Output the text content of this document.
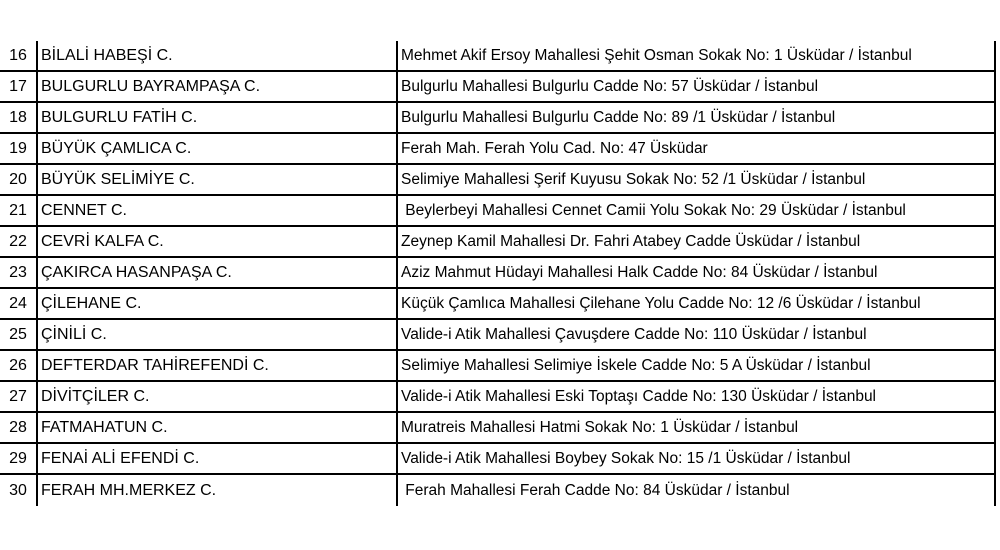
16 BİLALİ HABEŞİ C.	Mehmet Akif Ersoy Mahallesi Şehit Osman Sokak No: 1 Üsküdar / İstanbul
17 BULGURLU BAYRAMPAŞA C.	Bulgurlu Mahallesi Bulgurlu Cadde No: 57 Üsküdar / İstanbul
18 BULGURLU FATİH C.	Bulgurlu Mahallesi Bulgurlu Cadde No: 89 /1 Üsküdar / İstanbul
19 BÜYÜK ÇAMLICA C.	Ferah Mah. Ferah Yolu Cad. No: 47 Üsküdar
20 BÜYÜK SELİMİYE C.	Selimiye Mahallesi Şerif Kuyusu Sokak No: 52 /1 Üsküdar / İstanbul
21 CENNET C.	Beylerbeyi Mahallesi Cennet Camii Yolu Sokak No: 29 Üsküdar / İstanbul
22 CEVRİ KALFA C.	Zeynep Kamil Mahallesi Dr. Fahri Atabey Cadde Üsküdar / İstanbul
23 ÇAKIRCA HASANPAŞA C.	Aziz Mahmut Hüdayi Mahallesi Halk Cadde No: 84 Üsküdar / İstanbul
24 ÇİLEHANE C.	Küçük Çamlıca Mahallesi Çilehane Yolu Cadde No: 12 /6 Üsküdar / İstanbul
25 ÇİNİLİ C.	Valide-i Atik Mahallesi Çavuşdere Cadde No: 110 Üsküdar / İstanbul
26 DEFTERDAR TAHİREFENDİ C.	Selimiye Mahallesi Selimiye İskele Cadde No: 5 A Üsküdar / İstanbul
27 DİVİTÇİLER C.	Valide-i Atik Mahallesi Eski Toptaşı Cadde No: 130 Üsküdar / İstanbul
28 FATMAHATUN C.	Muratreis Mahallesi Hatmi Sokak No: 1 Üsküdar / İstanbul
29 FENAİ ALİ EFENDİ C.	Valide-i Atik Mahallesi Boybey Sokak No: 15 /1 Üsküdar / İstanbul
30 FERAH MH.MERKEZ C.	Ferah Mahallesi Ferah Cadde No: 84 Üsküdar / İstanbul
